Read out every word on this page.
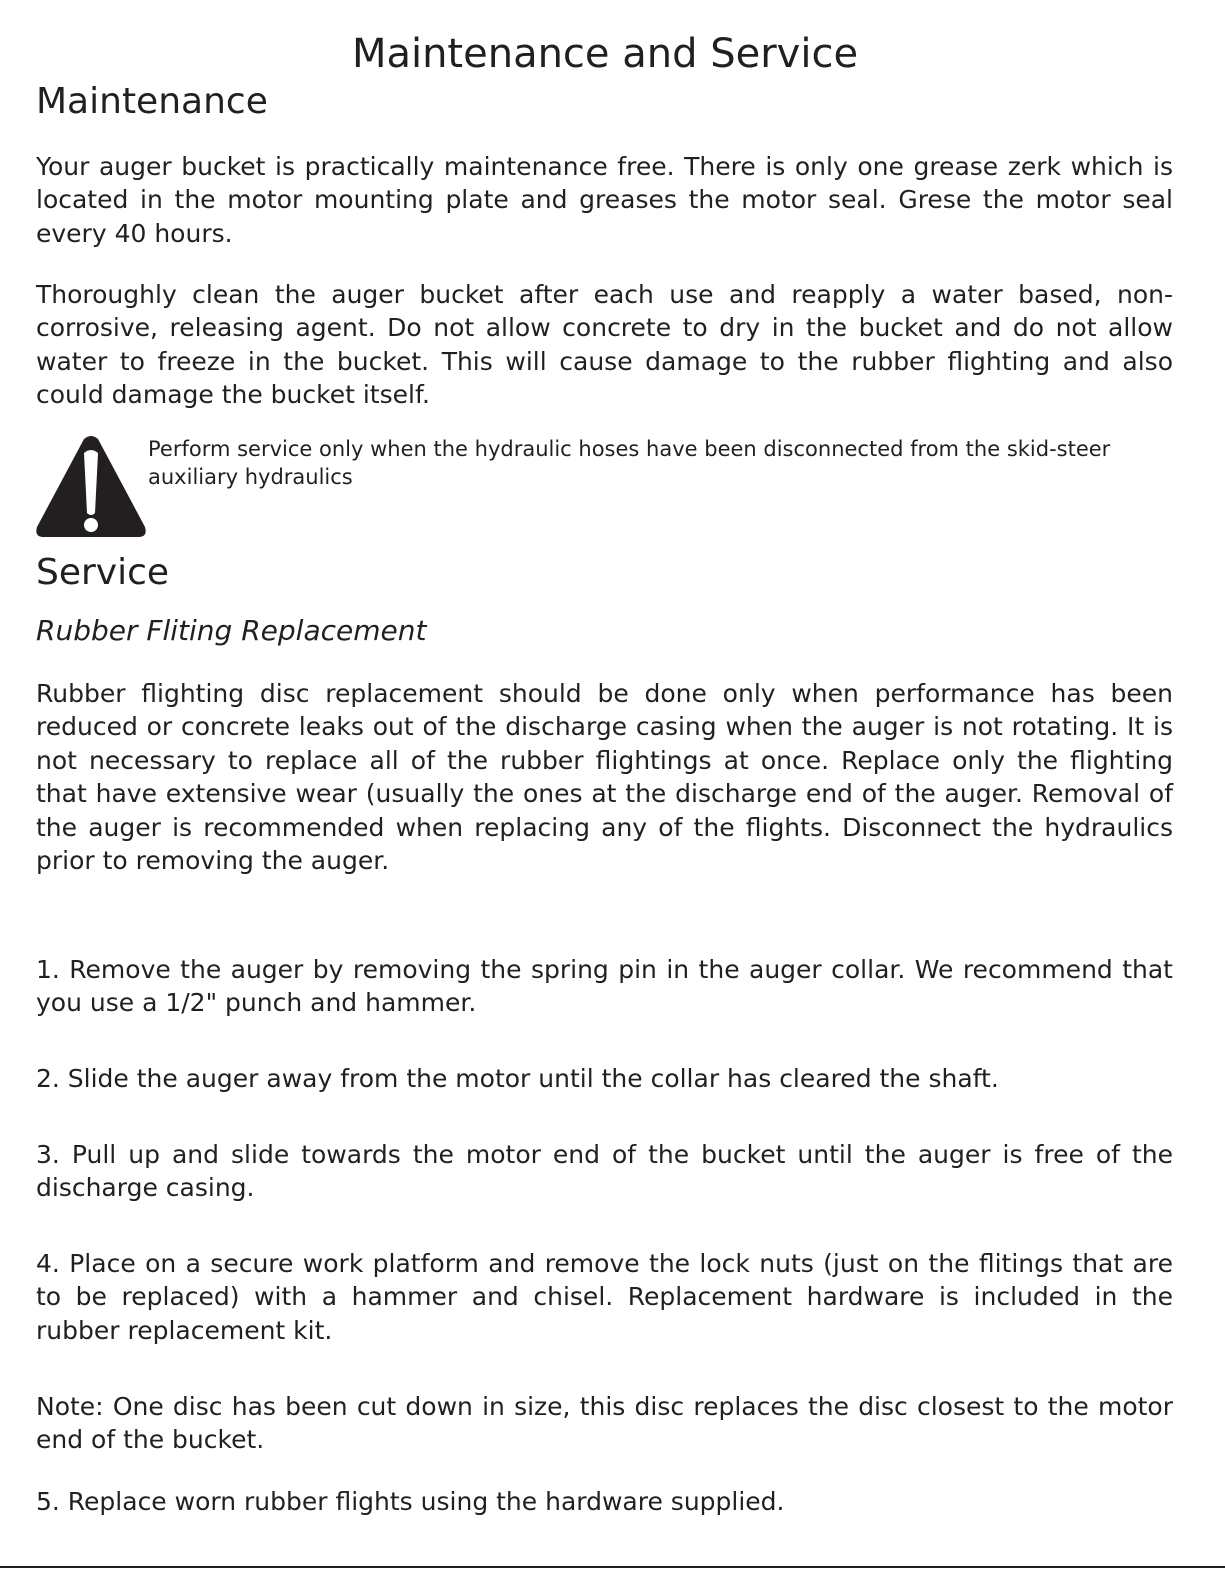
Maintenance and Service
Maintenance

Your auger bucket is practically maintenance free. There is only one grease zerk which is located in the motor mounting plate and greases the motor seal. Grese the motor seal every 40 hours.

Thoroughly clean the auger bucket after each use and reapply a water based, non-corrosive, releasing agent. Do not allow concrete to dry in the bucket and do not allow water to freeze in the bucket. This will cause damage to the rubber flighting and also could damage the bucket itself.

Perform service only when the hydraulic hoses have been disconnected from the skid-steer auxiliary hydraulics

Service
Rubber Fliting Replacement

Rubber flighting disc replacement should be done only when performance has been reduced or concrete leaks out of the discharge casing when the auger is not rotating. It is not necessary to replace all of the rubber flightings at once. Replace only the flighting that have extensive wear (usually the ones at the discharge end of the auger. Removal of the auger is recommended when replacing any of the flights. Disconnect the hydraulics prior to removing the auger.

1. Remove the auger by removing the spring pin in the auger collar. We recommend that you use a 1/2" punch and hammer.

2. Slide the auger away from the motor until the collar has cleared the shaft.

3. Pull up and slide towards the motor end of the bucket until the auger is free of the discharge casing.

4. Place on a secure work platform and remove the lock nuts (just on the flitings that are to be replaced) with a hammer and chisel. Replacement hardware is included in the rubber replacement kit.

Note: One disc has been cut down in size, this disc replaces the disc closest to the motor end of the bucket.

5. Replace worn rubber flights using the hardware supplied.
